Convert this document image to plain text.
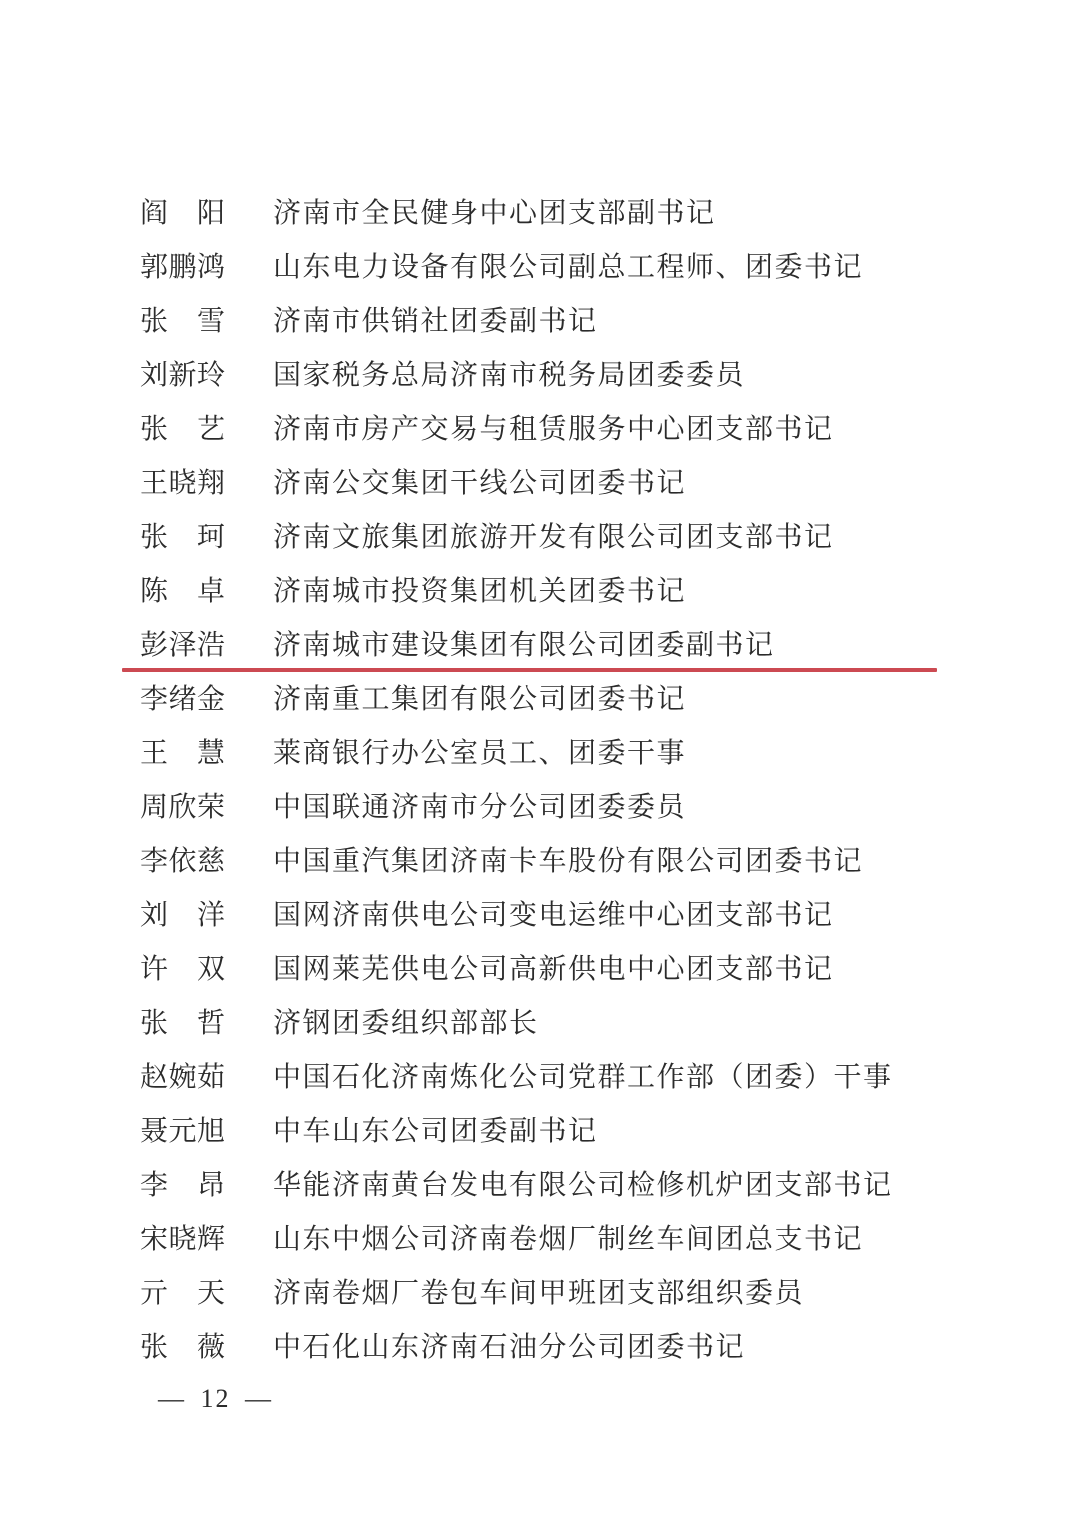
阎　阳	济南市全民健身中心团支部副书记
郭鹏鸿	山东电力设备有限公司副总工程师、团委书记
张　雪	济南市供销社团委副书记
刘新玲	国家税务总局济南市税务局团委委员
张　艺	济南市房产交易与租赁服务中心团支部书记
王晓翔	济南公交集团干线公司团委书记
张　珂	济南文旅集团旅游开发有限公司团支部书记
陈　卓	济南城市投资集团机关团委书记
彭泽浩	济南城市建设集团有限公司团委副书记
李绪金	济南重工集团有限公司团委书记
王　慧	莱商银行办公室员工、团委干事
周欣荣	中国联通济南市分公司团委委员
李依慈	中国重汽集团济南卡车股份有限公司团委书记
刘　洋	国网济南供电公司变电运维中心团支部书记
许　双	国网莱芜供电公司高新供电中心团支部书记
张　哲	济钢团委组织部部长
赵婉茹	中国石化济南炼化公司党群工作部（团委）干事
聂元旭	中车山东公司团委副书记
李　昂	华能济南黄台发电有限公司检修机炉团支部书记
宋晓辉	山东中烟公司济南卷烟厂制丝车间团总支书记
亓　天	济南卷烟厂卷包车间甲班团支部组织委员
张　薇	中石化山东济南石油分公司团委书记
— 12 —
